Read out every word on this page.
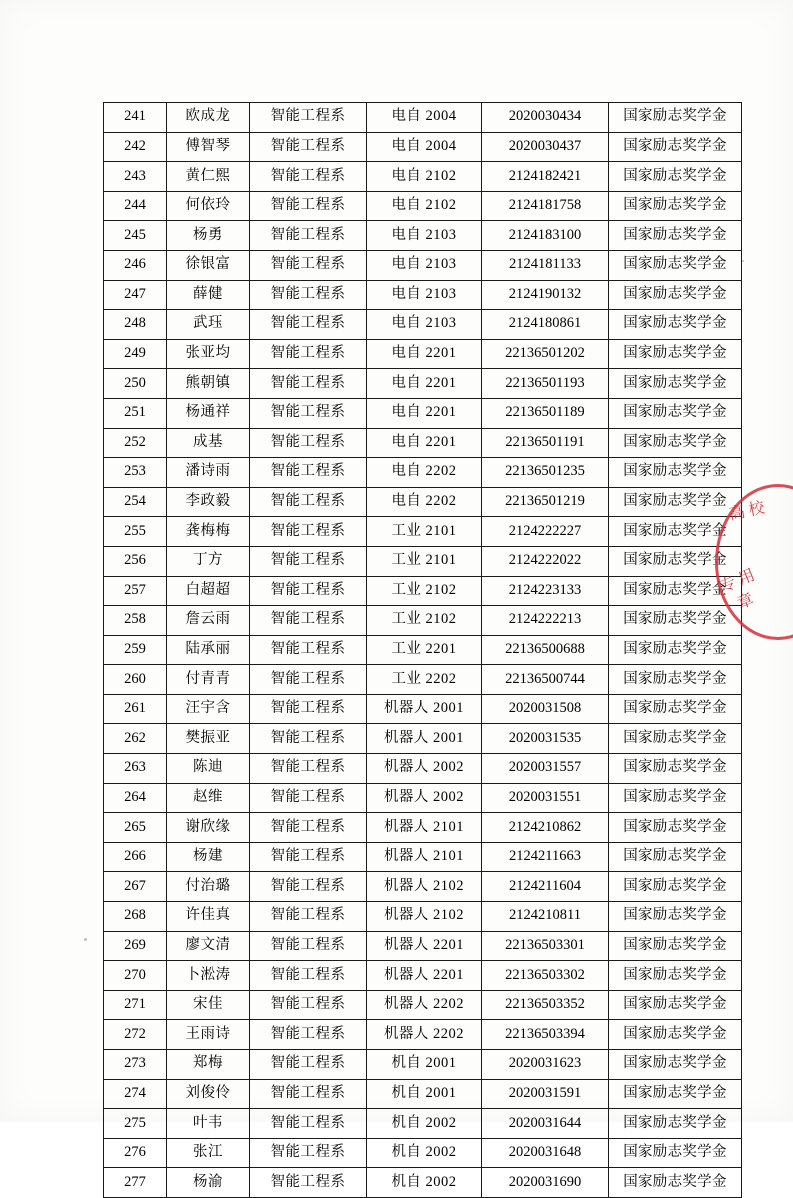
241	欧成龙	智能工程系	电自 2004	2020030434	国家励志奖学金
242	傅智琴	智能工程系	电自 2004	2020030437	国家励志奖学金
243	黄仁熙	智能工程系	电自 2102	2124182421	国家励志奖学金
244	何依玲	智能工程系	电自 2102	2124181758	国家励志奖学金
245	杨勇	智能工程系	电自 2103	2124183100	国家励志奖学金
246	徐银富	智能工程系	电自 2103	2124181133	国家励志奖学金
247	薛健	智能工程系	电自 2103	2124190132	国家励志奖学金
248	武珏	智能工程系	电自 2103	2124180861	国家励志奖学金
249	张亚均	智能工程系	电自 2201	22136501202	国家励志奖学金
250	熊朝镇	智能工程系	电自 2201	22136501193	国家励志奖学金
251	杨通祥	智能工程系	电自 2201	22136501189	国家励志奖学金
252	成基	智能工程系	电自 2201	22136501191	国家励志奖学金
253	潘诗雨	智能工程系	电自 2202	22136501235	国家励志奖学金
254	李政毅	智能工程系	电自 2202	22136501219	国家励志奖学金
255	龚梅梅	智能工程系	工业 2101	2124222227	国家励志奖学金
256	丁方	智能工程系	工业 2101	2124222022	国家励志奖学金
257	白超超	智能工程系	工业 2102	2124223133	国家励志奖学金
258	詹云雨	智能工程系	工业 2102	2124222213	国家励志奖学金
259	陆承丽	智能工程系	工业 2201	22136500688	国家励志奖学金
260	付青青	智能工程系	工业 2202	22136500744	国家励志奖学金
261	汪宇含	智能工程系	机器人 2001	2020031508	国家励志奖学金
262	樊振亚	智能工程系	机器人 2001	2020031535	国家励志奖学金
263	陈迪	智能工程系	机器人 2002	2020031557	国家励志奖学金
264	赵维	智能工程系	机器人 2002	2020031551	国家励志奖学金
265	谢欣缘	智能工程系	机器人 2101	2124210862	国家励志奖学金
266	杨建	智能工程系	机器人 2101	2124211663	国家励志奖学金
267	付治璐	智能工程系	机器人 2102	2124211604	国家励志奖学金
268	许佳真	智能工程系	机器人 2102	2124210811	国家励志奖学金
269	廖文清	智能工程系	机器人 2201	22136503301	国家励志奖学金
270	卜淞涛	智能工程系	机器人 2201	22136503302	国家励志奖学金
271	宋佳	智能工程系	机器人 2202	22136503352	国家励志奖学金
272	王雨诗	智能工程系	机器人 2202	22136503394	国家励志奖学金
273	郑梅	智能工程系	机自 2001	2020031623	国家励志奖学金
274	刘俊伶	智能工程系	机自 2001	2020031591	国家励志奖学金
275	叶韦	智能工程系	机自 2002	2020031644	国家励志奖学金
276	张江	智能工程系	机自 2002	2020031648	国家励志奖学金
277	杨渝	智能工程系	机自 2002	2020031690	国家励志奖学金
高 校
专 用 章
